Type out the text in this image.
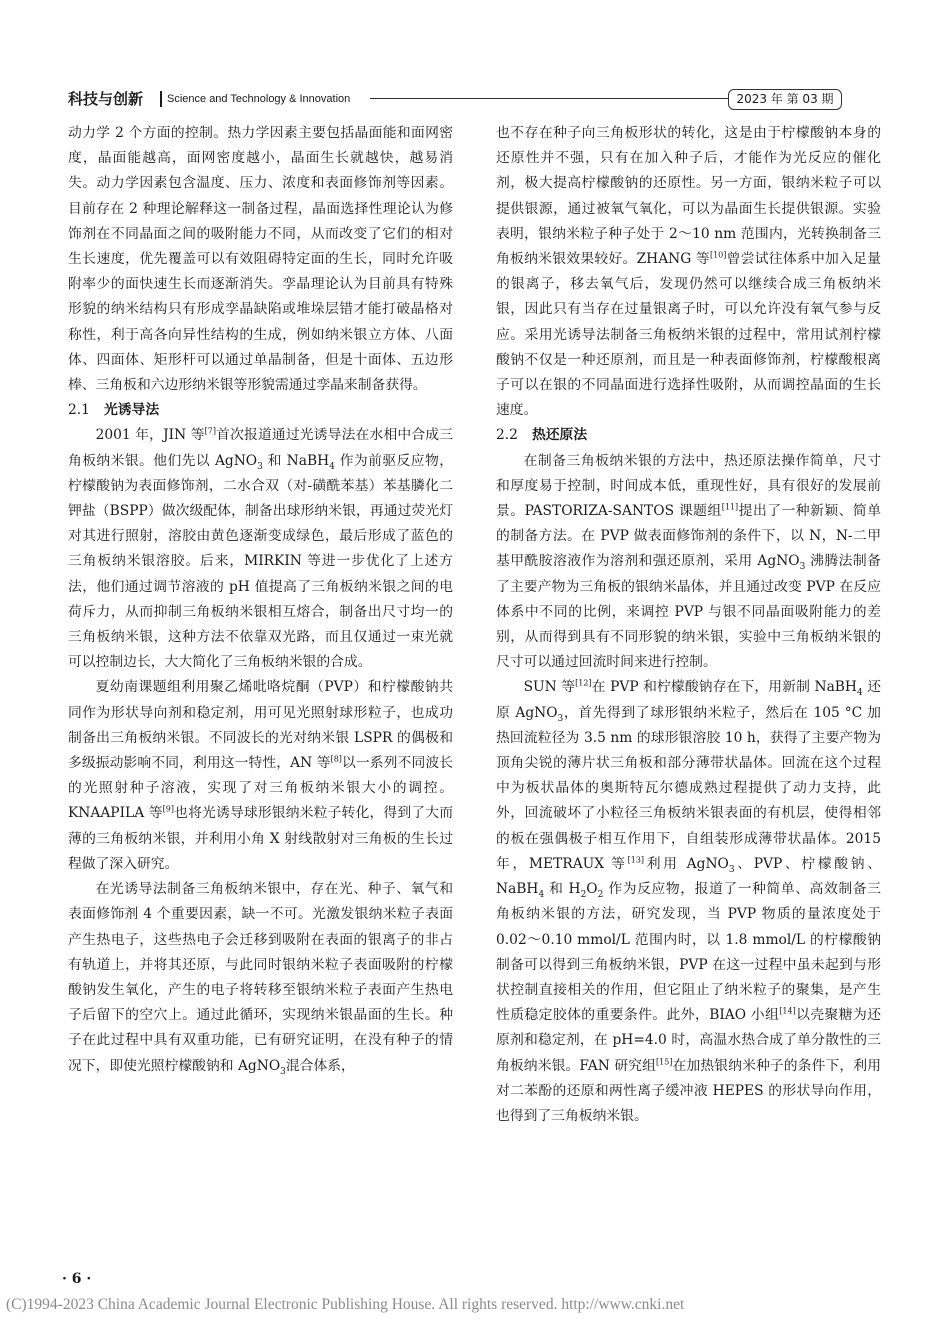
科技与创新 Science and Technology & Innovation	2023 年 第 03 期

动力学 2 个方面的控制。热力学因素主要包括晶面能和面网密度，晶面能越高，面网密度越小，晶面生长就越快，越易消失。动力学因素包含温度、压力、浓度和表面修饰剂等因素。目前存在 2 种理论解释这一制备过程，晶面选择性理论认为修饰剂在不同晶面之间的吸附能力不同，从而改变了它们的相对生长速度，优先覆盖可以有效阻碍特定面的生长，同时允许吸附率少的面快速生长而逐渐消失。孪晶理论认为目前具有特殊形貌的纳米结构只有形成孪晶缺陷或堆垛层错才能打破晶格对称性，利于高各向异性结构的生成，例如纳米银立方体、八面体、四面体、矩形杆可以通过单晶制备，但是十面体、五边形棒、三角板和六边形纳米银等形貌需通过孪晶来制备获得。

2.1 光诱导法

2001 年，JIN 等[7]首次报道通过光诱导法在水相中合成三角板纳米银。他们先以 AgNO$_3$ 和 NaBH$_4$ 作为前驱反应物，柠檬酸钠为表面修饰剂，二水合双（对-磺酰苯基）苯基膦化二钾盐（BSPP）做次级配体，制备出球形纳米银，再通过荧光灯对其进行照射，溶胶由黄色逐渐变成绿色，最后形成了蓝色的三角板纳米银溶胶。后来，MIRKIN 等进一步优化了上述方法，他们通过调节溶液的 pH 值提高了三角板纳米银之间的电荷斥力，从而抑制三角板纳米银相互熔合，制备出尺寸均一的三角板纳米银，这种方法不依靠双光路，而且仅通过一束光就可以控制边长，大大简化了三角板纳米银的合成。

夏幼南课题组利用聚乙烯吡咯烷酮（PVP）和柠檬酸钠共同作为形状导向剂和稳定剂，用可见光照射球形粒子，也成功制备出三角板纳米银。不同波长的光对纳米银 LSPR 的偶极和多级振动影响不同，利用这一特性，AN 等[8]以一系列不同波长的光照射种子溶液，实现了对三角板纳米银大小的调控。KNAAPILA 等[9]也将光诱导球形银纳米粒子转化，得到了大而薄的三角板纳米银，并利用小角 X 射线散射对三角板的生长过程做了深入研究。

在光诱导法制备三角板纳米银中，存在光、种子、氧气和表面修饰剂 4 个重要因素，缺一不可。光激发银纳米粒子表面产生热电子，这些热电子会迁移到吸附在表面的银离子的非占有轨道上，并将其还原，与此同时银纳米粒子表面吸附的柠檬酸钠发生氧化，产生的电子将转移至银纳米粒子表面产生热电子后留下的空穴上。通过此循环，实现纳米银晶面的生长。种子在此过程中具有双重功能，已有研究证明，在没有种子的情况下，即使光照柠檬酸钠和 AgNO$_3$混合体系，

也不存在种子向三角板形状的转化，这是由于柠檬酸钠本身的还原性并不强，只有在加入种子后，才能作为光反应的催化剂，极大提高柠檬酸钠的还原性。另一方面，银纳米粒子可以提供银源，通过被氧气氧化，可以为晶面生长提供银源。实验表明，银纳米粒子种子处于 2～10 nm 范围内，光转换制备三角板纳米银效果较好。ZHANG 等[10]曾尝试往体系中加入足量的银离子，移去氧气后，发现仍然可以继续合成三角板纳米银，因此只有当存在过量银离子时，可以允许没有氧气参与反应。采用光诱导法制备三角板纳米银的过程中，常用试剂柠檬酸钠不仅是一种还原剂，而且是一种表面修饰剂，柠檬酸根离子可以在银的不同晶面进行选择性吸附，从而调控晶面的生长速度。

2.2 热还原法

在制备三角板纳米银的方法中，热还原法操作简单，尺寸和厚度易于控制，时间成本低，重现性好，具有很好的发展前景。PASTORIZA-SANTOS 课题组[11]提出了一种新颖、简单的制备方法。在 PVP 做表面修饰剂的条件下，以 N，N-二甲基甲酰胺溶液作为溶剂和强还原剂，采用 AgNO$_3$ 沸腾法制备了主要产物为三角板的银纳米晶体，并且通过改变 PVP 在反应体系中不同的比例，来调控 PVP 与银不同晶面吸附能力的差别，从而得到具有不同形貌的纳米银，实验中三角板纳米银的尺寸可以通过回流时间来进行控制。

SUN 等[12]在 PVP 和柠檬酸钠存在下，用新制 NaBH$_4$ 还原 AgNO$_3$，首先得到了球形银纳米粒子，然后在 105 °C 加热回流粒径为 3.5 nm 的球形银溶胶 10 h，获得了主要产物为顶角尖锐的薄片状三角板和部分薄带状晶体。回流在这个过程中为板状晶体的奥斯特瓦尔德成熟过程提供了动力支持，此外，回流破坏了小粒径三角板纳米银表面的有机层，使得相邻的板在强偶极子相互作用下，自组装形成薄带状晶体。2015 年，METRAUX 等[13]利用 AgNO$_3$、PVP、柠檬酸钠、NaBH$_4$ 和 $H_2O_2$ 作为反应物，报道了一种简单、高效制备三角板纳米银的方法，研究发现，当 PVP 物质的量浓度处于 0.02～0.10 mmol/L 范围内时，以 1.8 mmol/L 的柠檬酸钠制备可以得到三角板纳米银，PVP 在这一过程中虽未起到与形状控制直接相关的作用，但它阻止了纳米粒子的聚集，是产生性质稳定胶体的重要条件。此外，BIAO 小组[14]以壳聚糖为还原剂和稳定剂，在 pH=4.0 时，高温水热合成了单分散性的三角板纳米银。FAN 研究组[15]在加热银纳米种子的条件下，利用对二苯酚的还原和两性离子缓冲液 HEPES 的形状导向作用，也得到了三角板纳米银。

· 6 ·
(C)1994-2023 China Academic Journal Electronic Publishing House. All rights reserved. http://www.cnki.net
